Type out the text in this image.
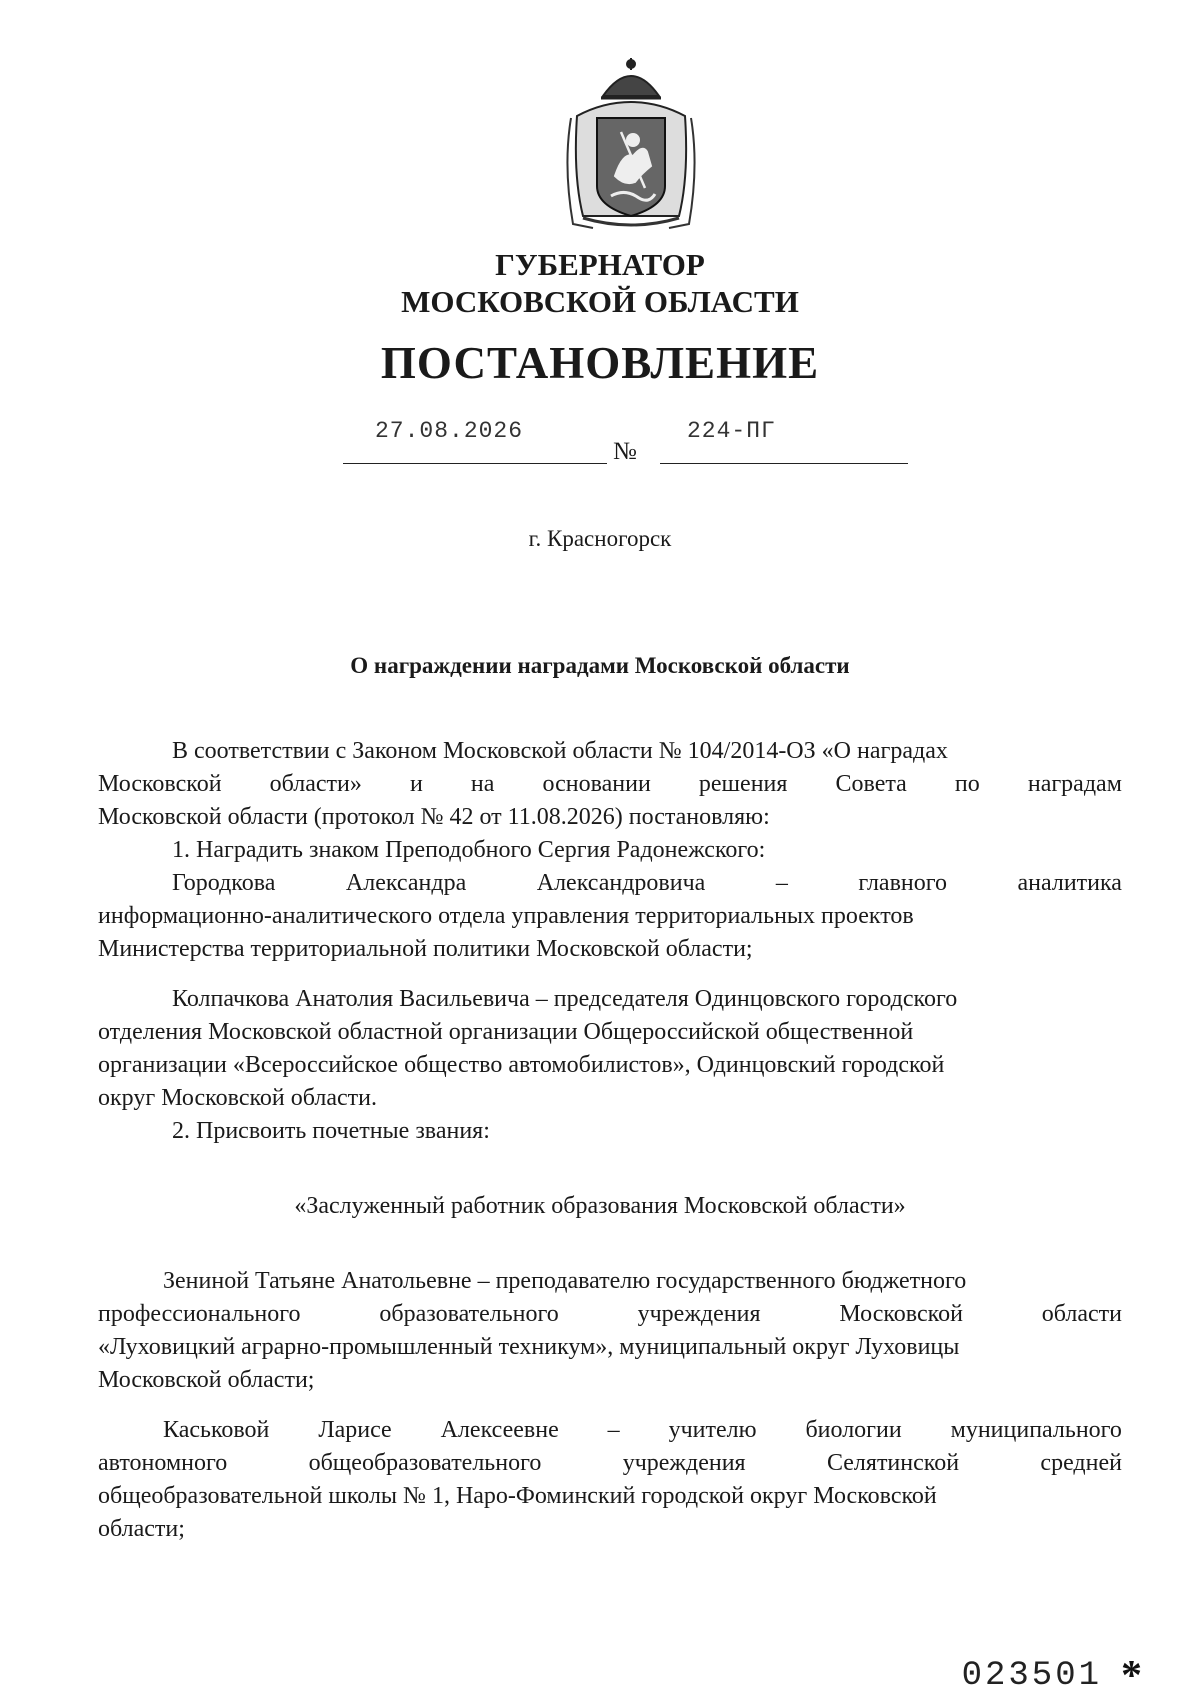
ГУБЕРНАТОР
МОСКОВСКОЙ ОБЛАСТИ
ПОСТАНОВЛЕНИЕ
27.08.2026
№
224-ПГ
г. Красногорск
О награждении наградами Московской области
В соответствии с Законом Московской области № 104/2014-ОЗ «О наградах
Московской области» и на основании решения Совета по наградам
Московской области (протокол № 42 от 11.08.2026) постановляю:
1. Наградить знаком Преподобного Сергия Радонежского:
Городкова	Александра	Александровича	–	главного	аналитика
информационно-аналитического отдела управления территориальных проектов
Министерства территориальной политики Московской области;
Колпачкова Анатолия Васильевича – председателя Одинцовского городского
отделения Московской областной организации Общероссийской общественной
организации «Всероссийское общество автомобилистов», Одинцовский городской
округ Московской области.
2. Присвоить почетные звания:
«Заслуженный работник образования Московской области»
Зениной Татьяне Анатольевне – преподавателю государственного бюджетного
профессионального	образовательного	учреждения	Московской	области
«Луховицкий аграрно-промышленный техникум», муниципальный округ Луховицы
Московской области;
Каськовой Ларисе Алексеевне – учителю биологии муниципального
автономного	общеобразовательного	учреждения	Селятинской	средней
общеобразовательной школы № 1, Наро-Фоминский городской округ Московской
области;
023501 *
